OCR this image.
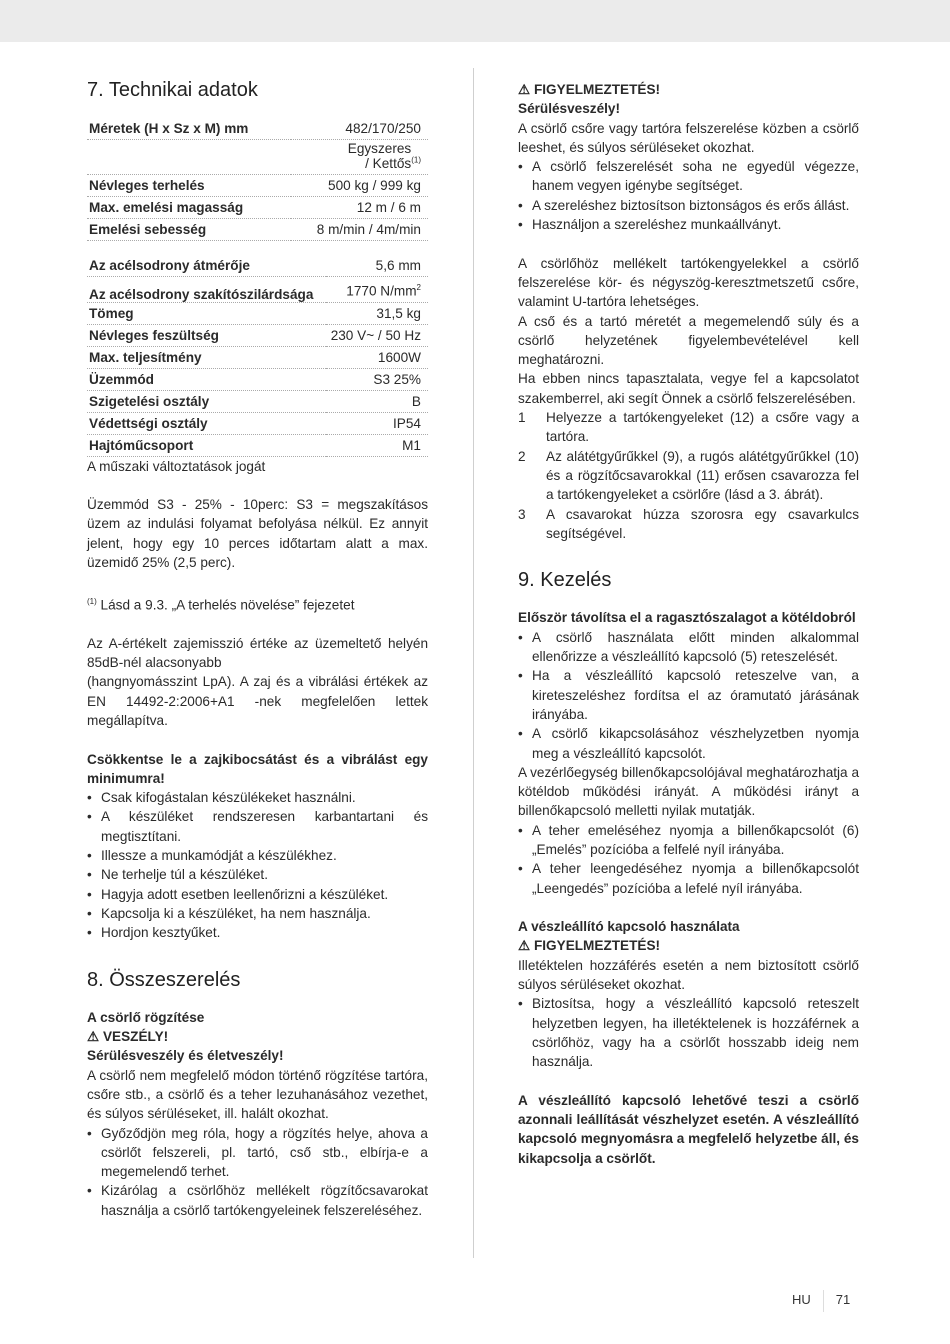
7. Technikai adatok
Méretek (H x Sz x M) mm	482/170/250
	Egyszeres / Kettős$^{(1)}$
Névleges terhelés	500 kg / 999 kg
Max. emelési magasság	12 m / 6 m
Emelési sebesség	8 m/min / 4m/min
Az acélsodrony átmérője	5,6 mm
Az acélsodrony szakítószilárdsága	1770 $N/mm^2$
Tömeg	31,5 kg
Névleges feszültség	230 V~ / 50 Hz
Max. teljesítmény	1600W
Üzemmód	S3 25%
Szigetelési osztály	B
Védettségi osztály	IP54
Hajtóműcsoport	M1

A műszaki változtatások jogát

Üzemmód S3 - 25% - 10perc: S3 = megszakításos üzem az indulási folyamat befolyása nélkül. Ez annyit jelent, hogy egy 10 perces időtartam alatt a max. üzemidő 25% (2,5 perc).

$^{(1)}$ Lásd a 9.3. „A terhelés növelése” fejezetet

Az A-értékelt zajemisszió értéke az üzemeltető helyén 85dB-nél alacsonyabb

(hangnyomásszint LpA). A zaj és a vibrálási értékek az EN 14492-2:2006+A1 -nek megfelelően lettek megállapítva.

Csökkentse le a zajkibocsátást és a vibrálást egy minimumra!

• Csak kifogástalan készülékeket használni.
• A készüléket rendszeresen karbantartani és megtisztítani.
• Illessze a munkamódját a készülékhez.
• Ne terhelje túl a készüléket.
• Hagyja adott esetben leellenőrizni a készüléket.
• Kapcsolja ki a készüléket, ha nem használja.
• Hordjon kesztyűket.
8. Összeszerelés

A csörlő rögzítése

⚠ VESZÉLY!

Sérülésveszély és életveszély!

A csörlő nem megfelelő módon történő rögzítése tartóra, csőre stb., a csörlő és a teher lezuhanásához vezethet, és súlyos sérüléseket, ill. halált okozhat.

• Győződjön meg róla, hogy a rögzítés helye, ahova a csörlőt felszereli, pl. tartó, cső stb., elbírja-e a megemelendő terhet.
• Kizárólag a csörlőhöz mellékelt rögzítőcsavarokat használja a csörlő tartókengyeleinek felszereléséhez.

⚠ FIGYELMEZTETÉS!

Sérülésveszély!

A csörlő csőre vagy tartóra felszerelése közben a csörlő leeshet, és súlyos sérüléseket okozhat.

• A csörlő felszerelését soha ne egyedül végezze, hanem vegyen igénybe segítséget.
• A szereléshez biztosítson biztonságos és erős állást.
• Használjon a szereléshez munkaállványt.

A csörlőhöz mellékelt tartókengyelekkel a csörlő felszerelése kör- és négyszög-keresztmetszetű csőre, valamint U-tartóra lehetséges.

A cső és a tartó méretét a megemelendő súly és a csörlő helyzetének figyelembevételével kell meghatározni.

Ha ebben nincs tapasztalata, vegye fel a kapcsolatot szakemberrel, aki segít Önnek a csörlő felszerelésében.

1 Helyezze a tartókengyeleket (12) a csőre vagy a tartóra.
2 Az alátétgyűrűkkel (9), a rugós alátétgyűrűkkel (10) és a rögzítőcsavarokkal (11) erősen csavarozza fel a tartókengyeleket a csörlőre (lásd a 3. ábrát).
3 A csavarokat húzza szorosra egy csavarkulcs segítségével.
9. Kezelés

Először távolítsa el a ragasztószalagot a kötéldobról

• A csörlő használata előtt minden alkalommal ellenőrizze a vészleállító kapcsoló (5) reteszelését.
• Ha a vészleállító kapcsoló reteszelve van, a kireteszeléshez fordítsa el az óramutató járásának irányába.
• A csörlő kikapcsolásához vészhelyzetben nyomja meg a vészleállító kapcsolót.

A vezérlőegység billenőkapcsolójával meghatározhatja a kötéldob működési irányát. A működési irányt a billenőkapcsoló melletti nyilak mutatják.

• A teher emeléséhez nyomja a billenőkapcsolót (6) „Emelés” pozícióba a felfelé nyíl irányába.
• A teher leengedéséhez nyomja a billenőkapcsolót „Leengedés” pozícióba a lefelé nyíl irányába.

A vészleállító kapcsoló használata

⚠ FIGYELMEZTETÉS!

Illetéktelen hozzáférés esetén a nem biztosított csörlő súlyos sérüléseket okozhat.

• Biztosítsa, hogy a vészleállító kapcsoló reteszelt helyzetben legyen, ha illetéktelenek is hozzáférnek a csörlőhöz, vagy ha a csörlőt hosszabb ideig nem használja.

A vészleállító kapcsoló lehetővé teszi a csörlő azonnali leállítását vészhelyzet esetén. A vészleállító kapcsoló megnyomásra a megfelelő helyzetbe áll, és kikapcsolja a csörlőt.

HU 71
